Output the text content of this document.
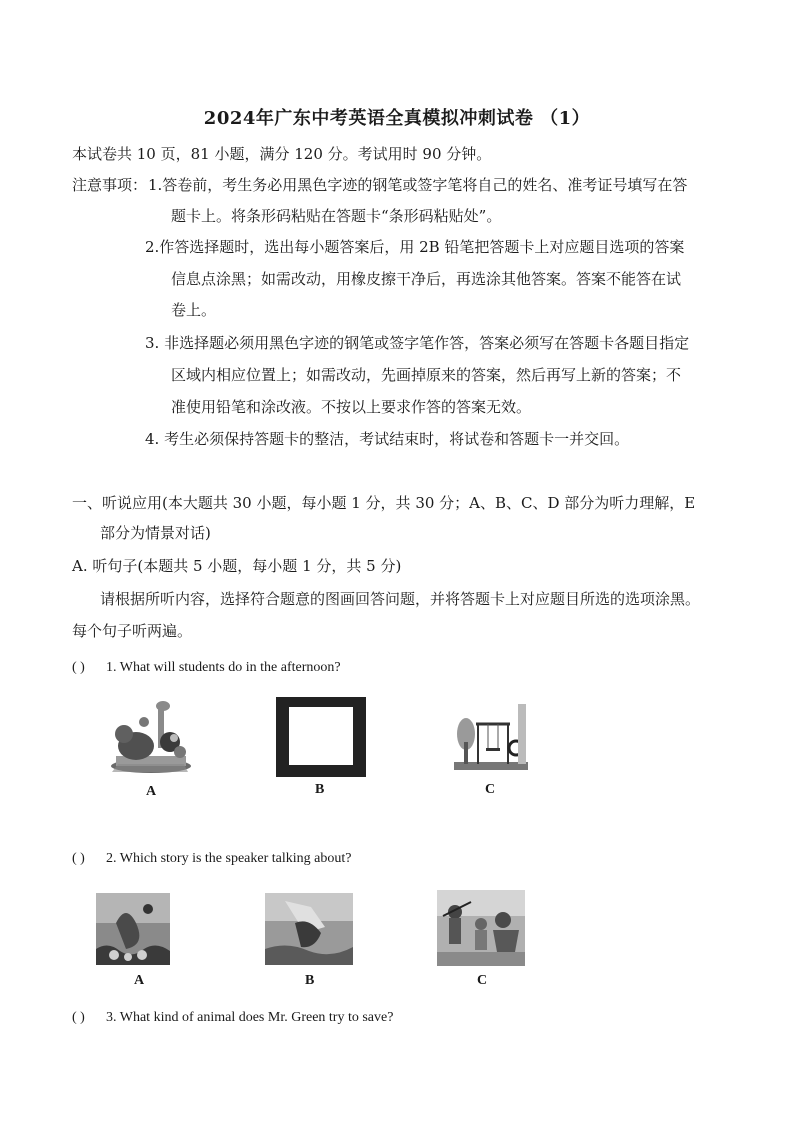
2024年广东中考英语全真模拟冲刺试卷 （1）
本试卷共 10 页，81 小题，满分 120 分。考试用时 90 分钟。
注意事项： 1.答卷前，考生务必用黑色字迹的钢笔或签字笔将自己的姓名、准考证号填写在答
题卡上。将条形码粘贴在答题卡“条形码粘贴处”。
2.作答选择题时，选出每小题答案后，用 2B 铅笔把答题卡上对应题目选项的答案
信息点涂黑；如需改动，用橡皮擦干净后，再选涂其他答案。答案不能答在试
卷上。
3. 非选择题必须用黑色字迹的钢笔或签字笔作答，答案必须写在答题卡各题目指定
区域内相应位置上；如需改动，先画掉原来的答案，然后再写上新的答案；不
准使用铅笔和涂改液。不按以上要求作答的答案无效。
4. 考生必须保持答题卡的整洁，考试结束时，将试卷和答题卡一并交回。
一、听说应用(本大题共 30 小题，每小题 1 分，共 30 分；A、B、C、D 部分为听力理解，E
部分为情景对话)
A. 听句子(本题共 5 小题，每小题 1 分，共 5 分)
请根据所听内容，选择符合题意的图画回答问题，并将答题卡上对应题目所选的选项涂黑。
每个句子听两遍。
( ) 1. What will students do in the afternoon?
A	B	C
( ) 2. Which story is the speaker talking about?
A	B	C
( ) 3. What kind of animal does Mr. Green try to save?
